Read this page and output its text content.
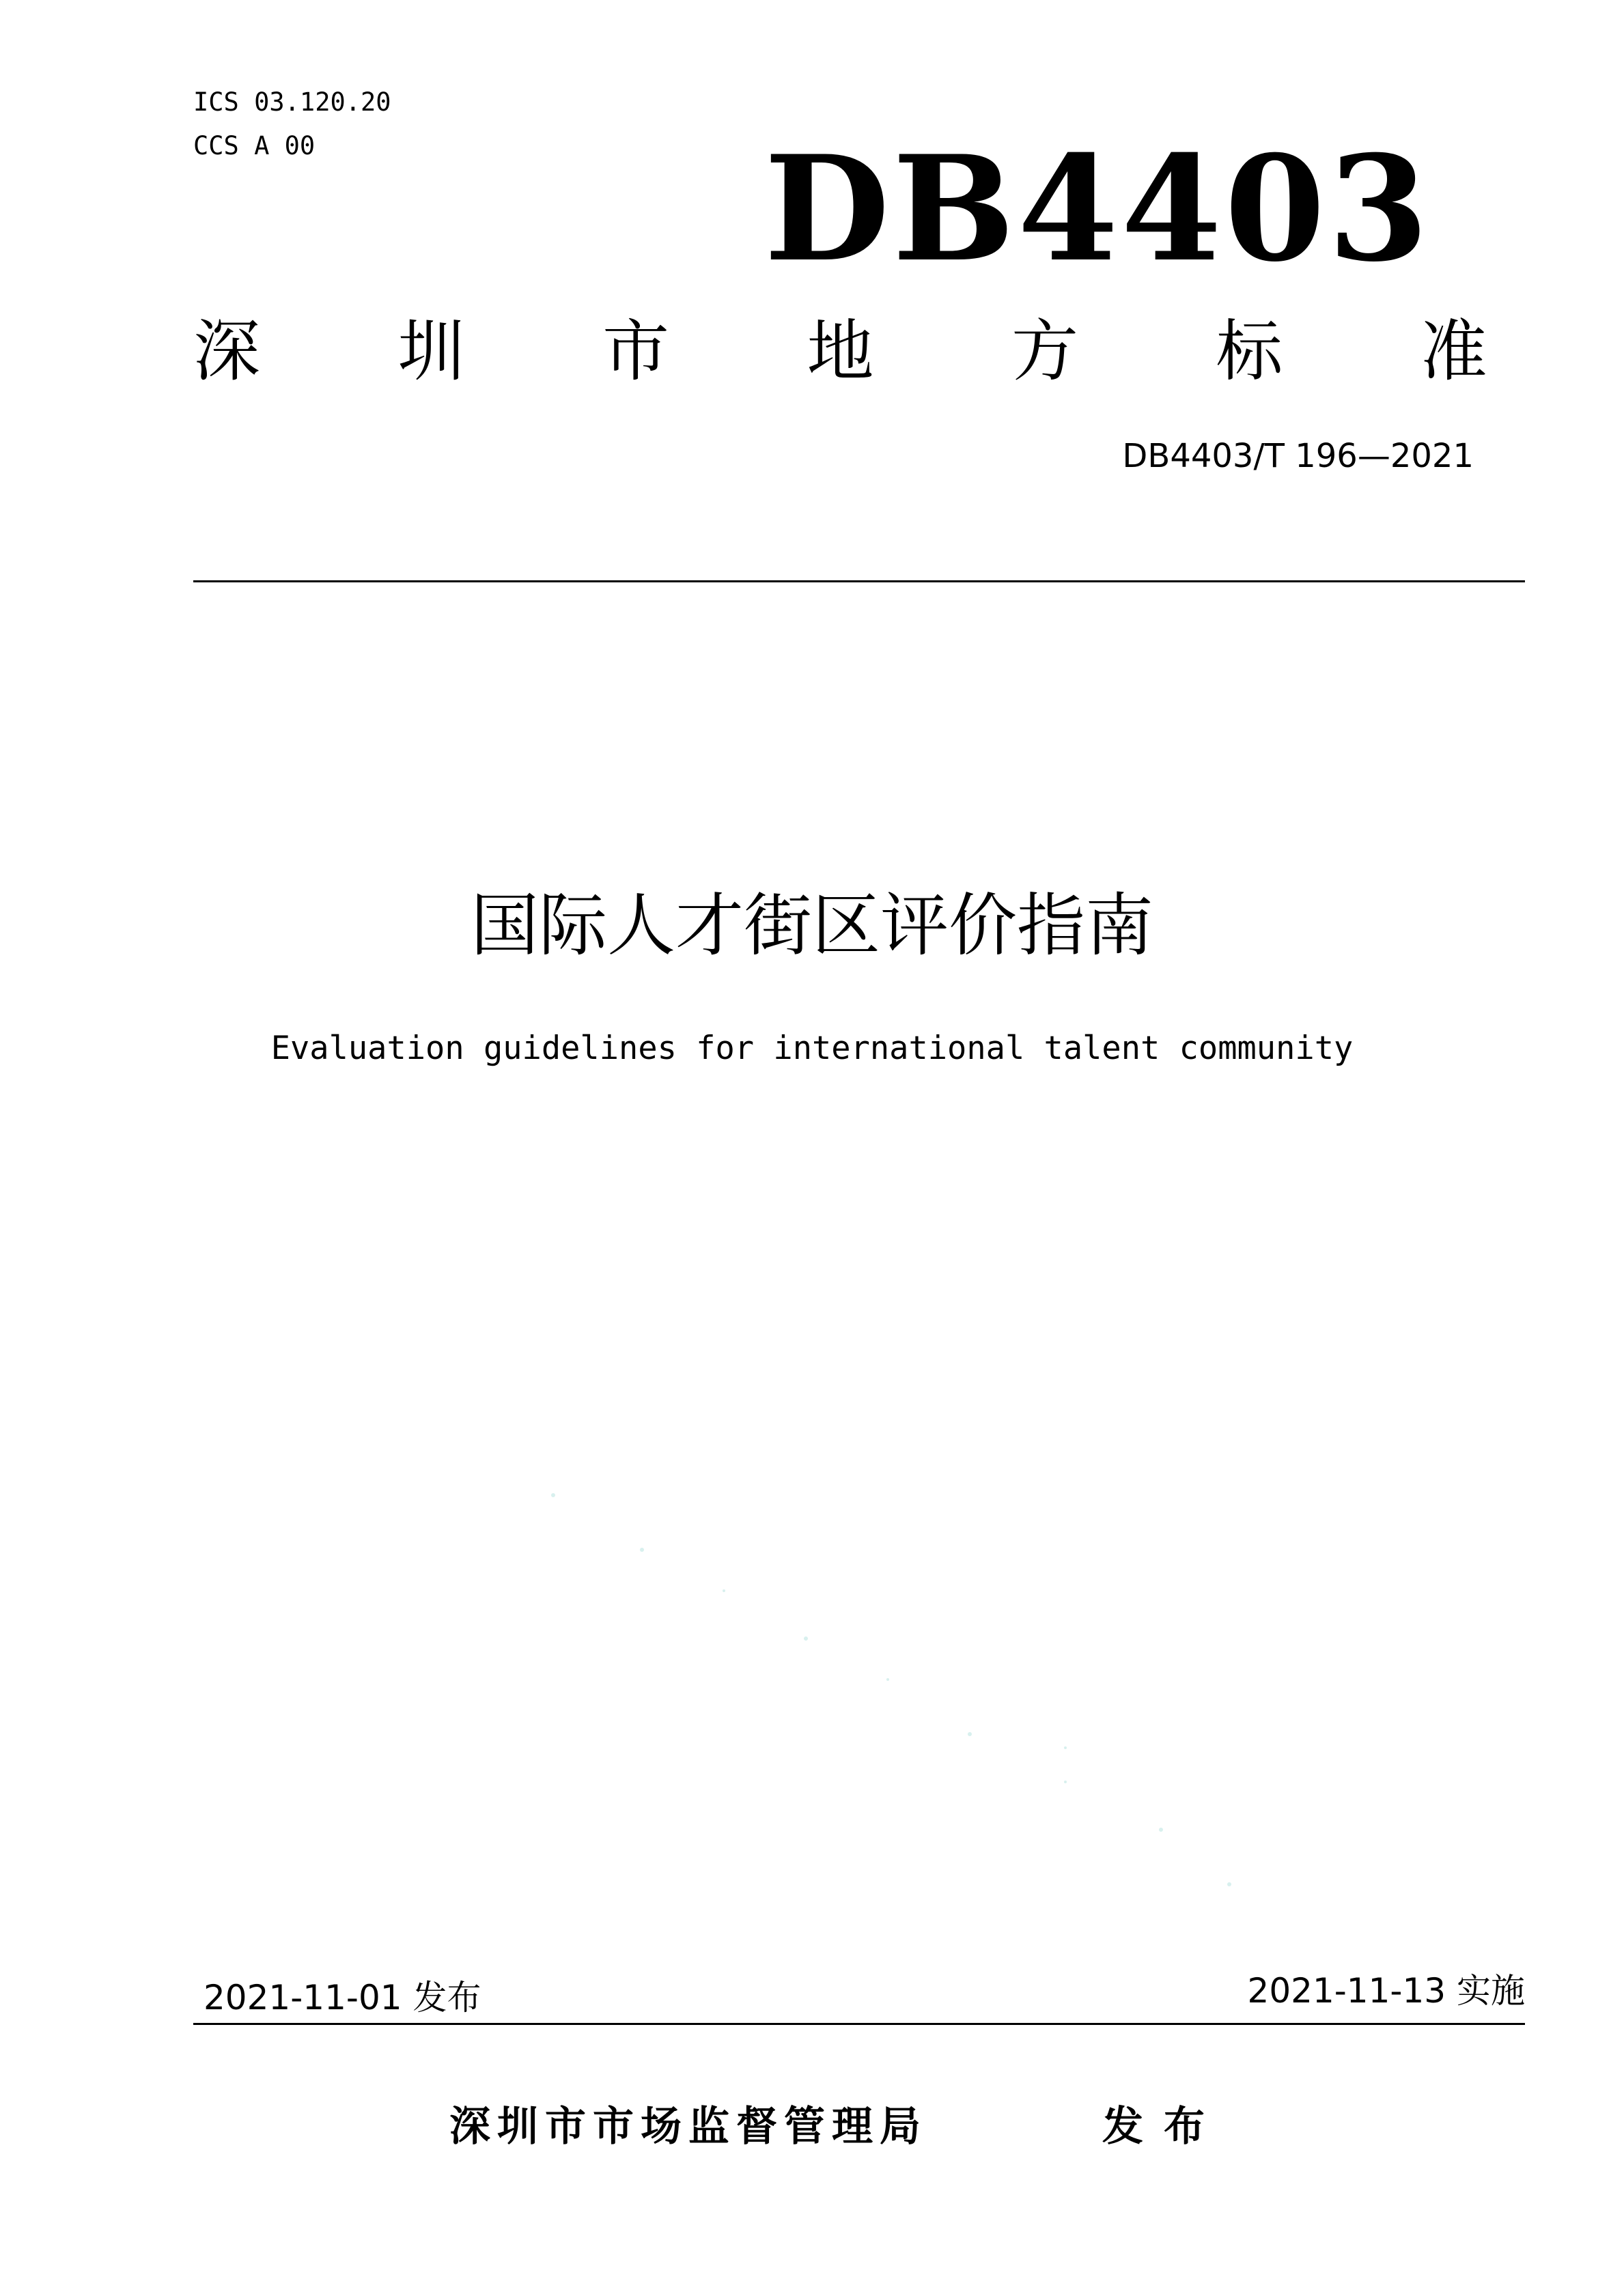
ICS 03.120.20
CCS A 00	DB4403
深 圳 市 地 方 标 准
DB4403/T 196—2021
国际人才街区评价指南
Evaluation guidelines for international talent community
2021-11-01 发布	2021-11-13 实施
深圳市市场监督管理局	发布
